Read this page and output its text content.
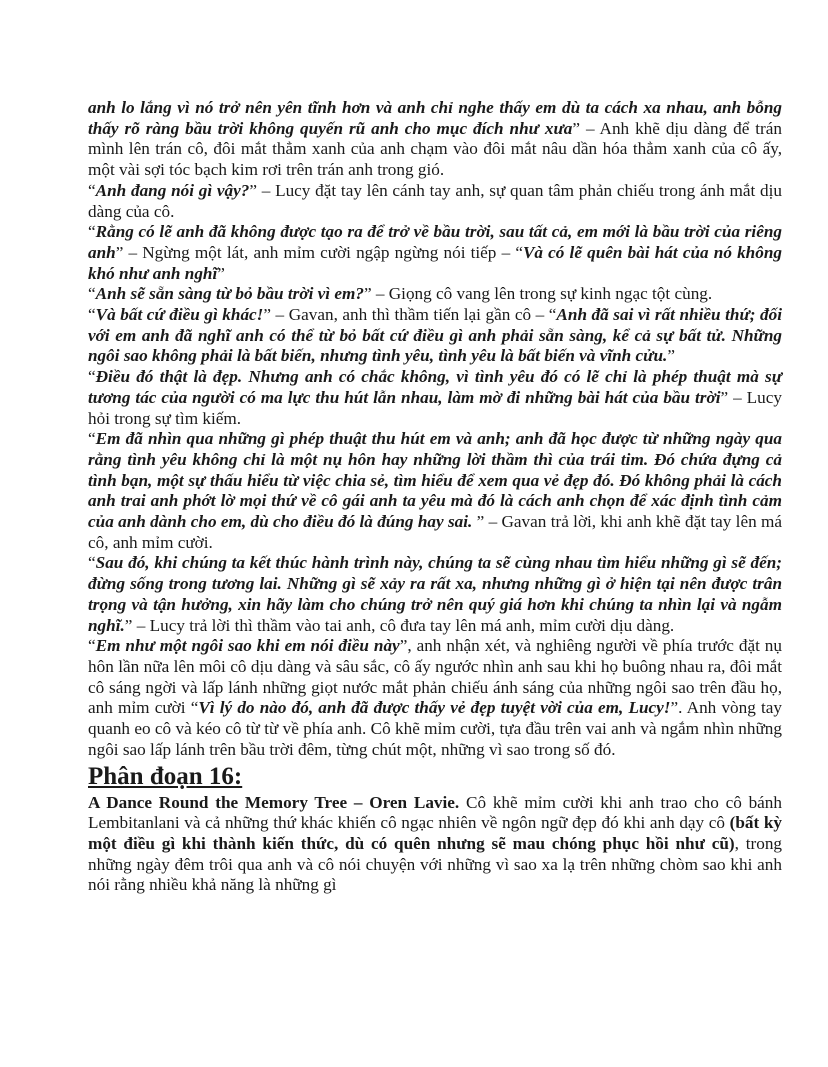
anh lo lắng vì nó trở nên yên tĩnh hơn và anh chỉ nghe thấy em dù ta cách xa nhau, anh bỗng thấy rõ ràng bầu trời không quyến rũ anh cho mục đích như xưa” – Anh khẽ dịu dàng để trán mình lên trán cô, đôi mắt thẳm xanh của anh chạm vào đôi mắt nâu dần hóa thẳm xanh của cô ấy, một vài sợi tóc bạch kim rơi trên trán anh trong gió.

“Anh đang nói gì vậy?” – Lucy đặt tay lên cánh tay anh, sự quan tâm phản chiếu trong ánh mắt dịu dàng của cô.

“Rằng có lẽ anh đã không được tạo ra để trở về bầu trời, sau tất cả, em mới là bầu trời của riêng anh” – Ngừng một lát, anh mỉm cười ngập ngừng nói tiếp – “Và có lẽ quên bài hát của nó không khó như anh nghĩ”

“Anh sẽ sẵn sàng từ bỏ bầu trời vì em?” – Giọng cô vang lên trong sự kinh ngạc tột cùng.

“Và bất cứ điều gì khác!” – Gavan, anh thì thầm tiến lại gần cô – “Anh đã sai vì rất nhiều thứ; đối với em anh đã nghĩ anh có thể từ bỏ bất cứ điều gì anh phải sẵn sàng, kể cả sự bất tử. Những ngôi sao không phải là bất biến, nhưng tình yêu, tình yêu là bất biến và vĩnh cửu.”

“Điều đó thật là đẹp. Nhưng anh có chắc không, vì tình yêu đó có lẽ chỉ là phép thuật mà sự tương tác của người có ma lực thu hút lẫn nhau, làm mờ đi những bài hát của bầu trời” – Lucy hỏi trong sự tìm kiếm.

“Em đã nhìn qua những gì phép thuật thu hút em và anh; anh đã học được từ những ngày qua rằng tình yêu không chỉ là một nụ hôn hay những lời thầm thì của trái tim. Đó chứa đựng cả tình bạn, một sự thấu hiểu từ việc chia sẻ, tìm hiểu để xem qua vẻ đẹp đó. Đó không phải là cách anh trai anh phớt lờ mọi thứ về cô gái anh ta yêu mà đó là cách anh chọn để xác định tình cảm của anh dành cho em, dù cho điều đó là đúng hay sai. ” – Gavan trả lời, khi anh khẽ đặt tay lên má cô, anh mỉm cười.

“Sau đó, khi chúng ta kết thúc hành trình này, chúng ta sẽ cùng nhau tìm hiểu những gì sẽ đến; đừng sống trong tương lai. Những gì sẽ xảy ra rất xa, nhưng những gì ở hiện tại nên được trân trọng và tận hưởng, xin hãy làm cho chúng trở nên quý giá hơn khi chúng ta nhìn lại và ngẫm nghĩ.” – Lucy trả lời thì thầm vào tai anh, cô đưa tay lên má anh, mỉm cười dịu dàng.

“Em như một ngôi sao khi em nói điều này”, anh nhận xét, và nghiêng người về phía trước đặt nụ hôn lần nữa lên môi cô dịu dàng và sâu sắc, cô ấy ngước nhìn anh sau khi họ buông nhau ra, đôi mắt cô sáng ngời và lấp lánh những giọt nước mắt phản chiếu ánh sáng của những ngôi sao trên đầu họ, anh mỉm cười “Vì lý do nào đó, anh đã được thấy vẻ đẹp tuyệt vời của em, Lucy!”. Anh vòng tay quanh eo cô và kéo cô từ từ về phía anh. Cô khẽ mỉm cười, tựa đầu trên vai anh và ngắm nhìn những ngôi sao lấp lánh trên bầu trời đêm, từng chút một, những vì sao trong số đó.

Phân đoạn 16:
A Dance Round the Memory Tree – Oren Lavie. Cô khẽ mỉm cười khi anh trao cho cô bánh Lembitanlani và cả những thứ khác khiến cô ngạc nhiên về ngôn ngữ đẹp đó khi anh dạy cô (bất kỳ một điều gì khi thành kiến thức, dù có quên nhưng sẽ mau chóng phục hồi như cũ), trong những ngày đêm trôi qua anh và cô nói chuyện với những vì sao xa lạ trên những chòm sao khi anh nói rằng nhiều khả năng là những gì
